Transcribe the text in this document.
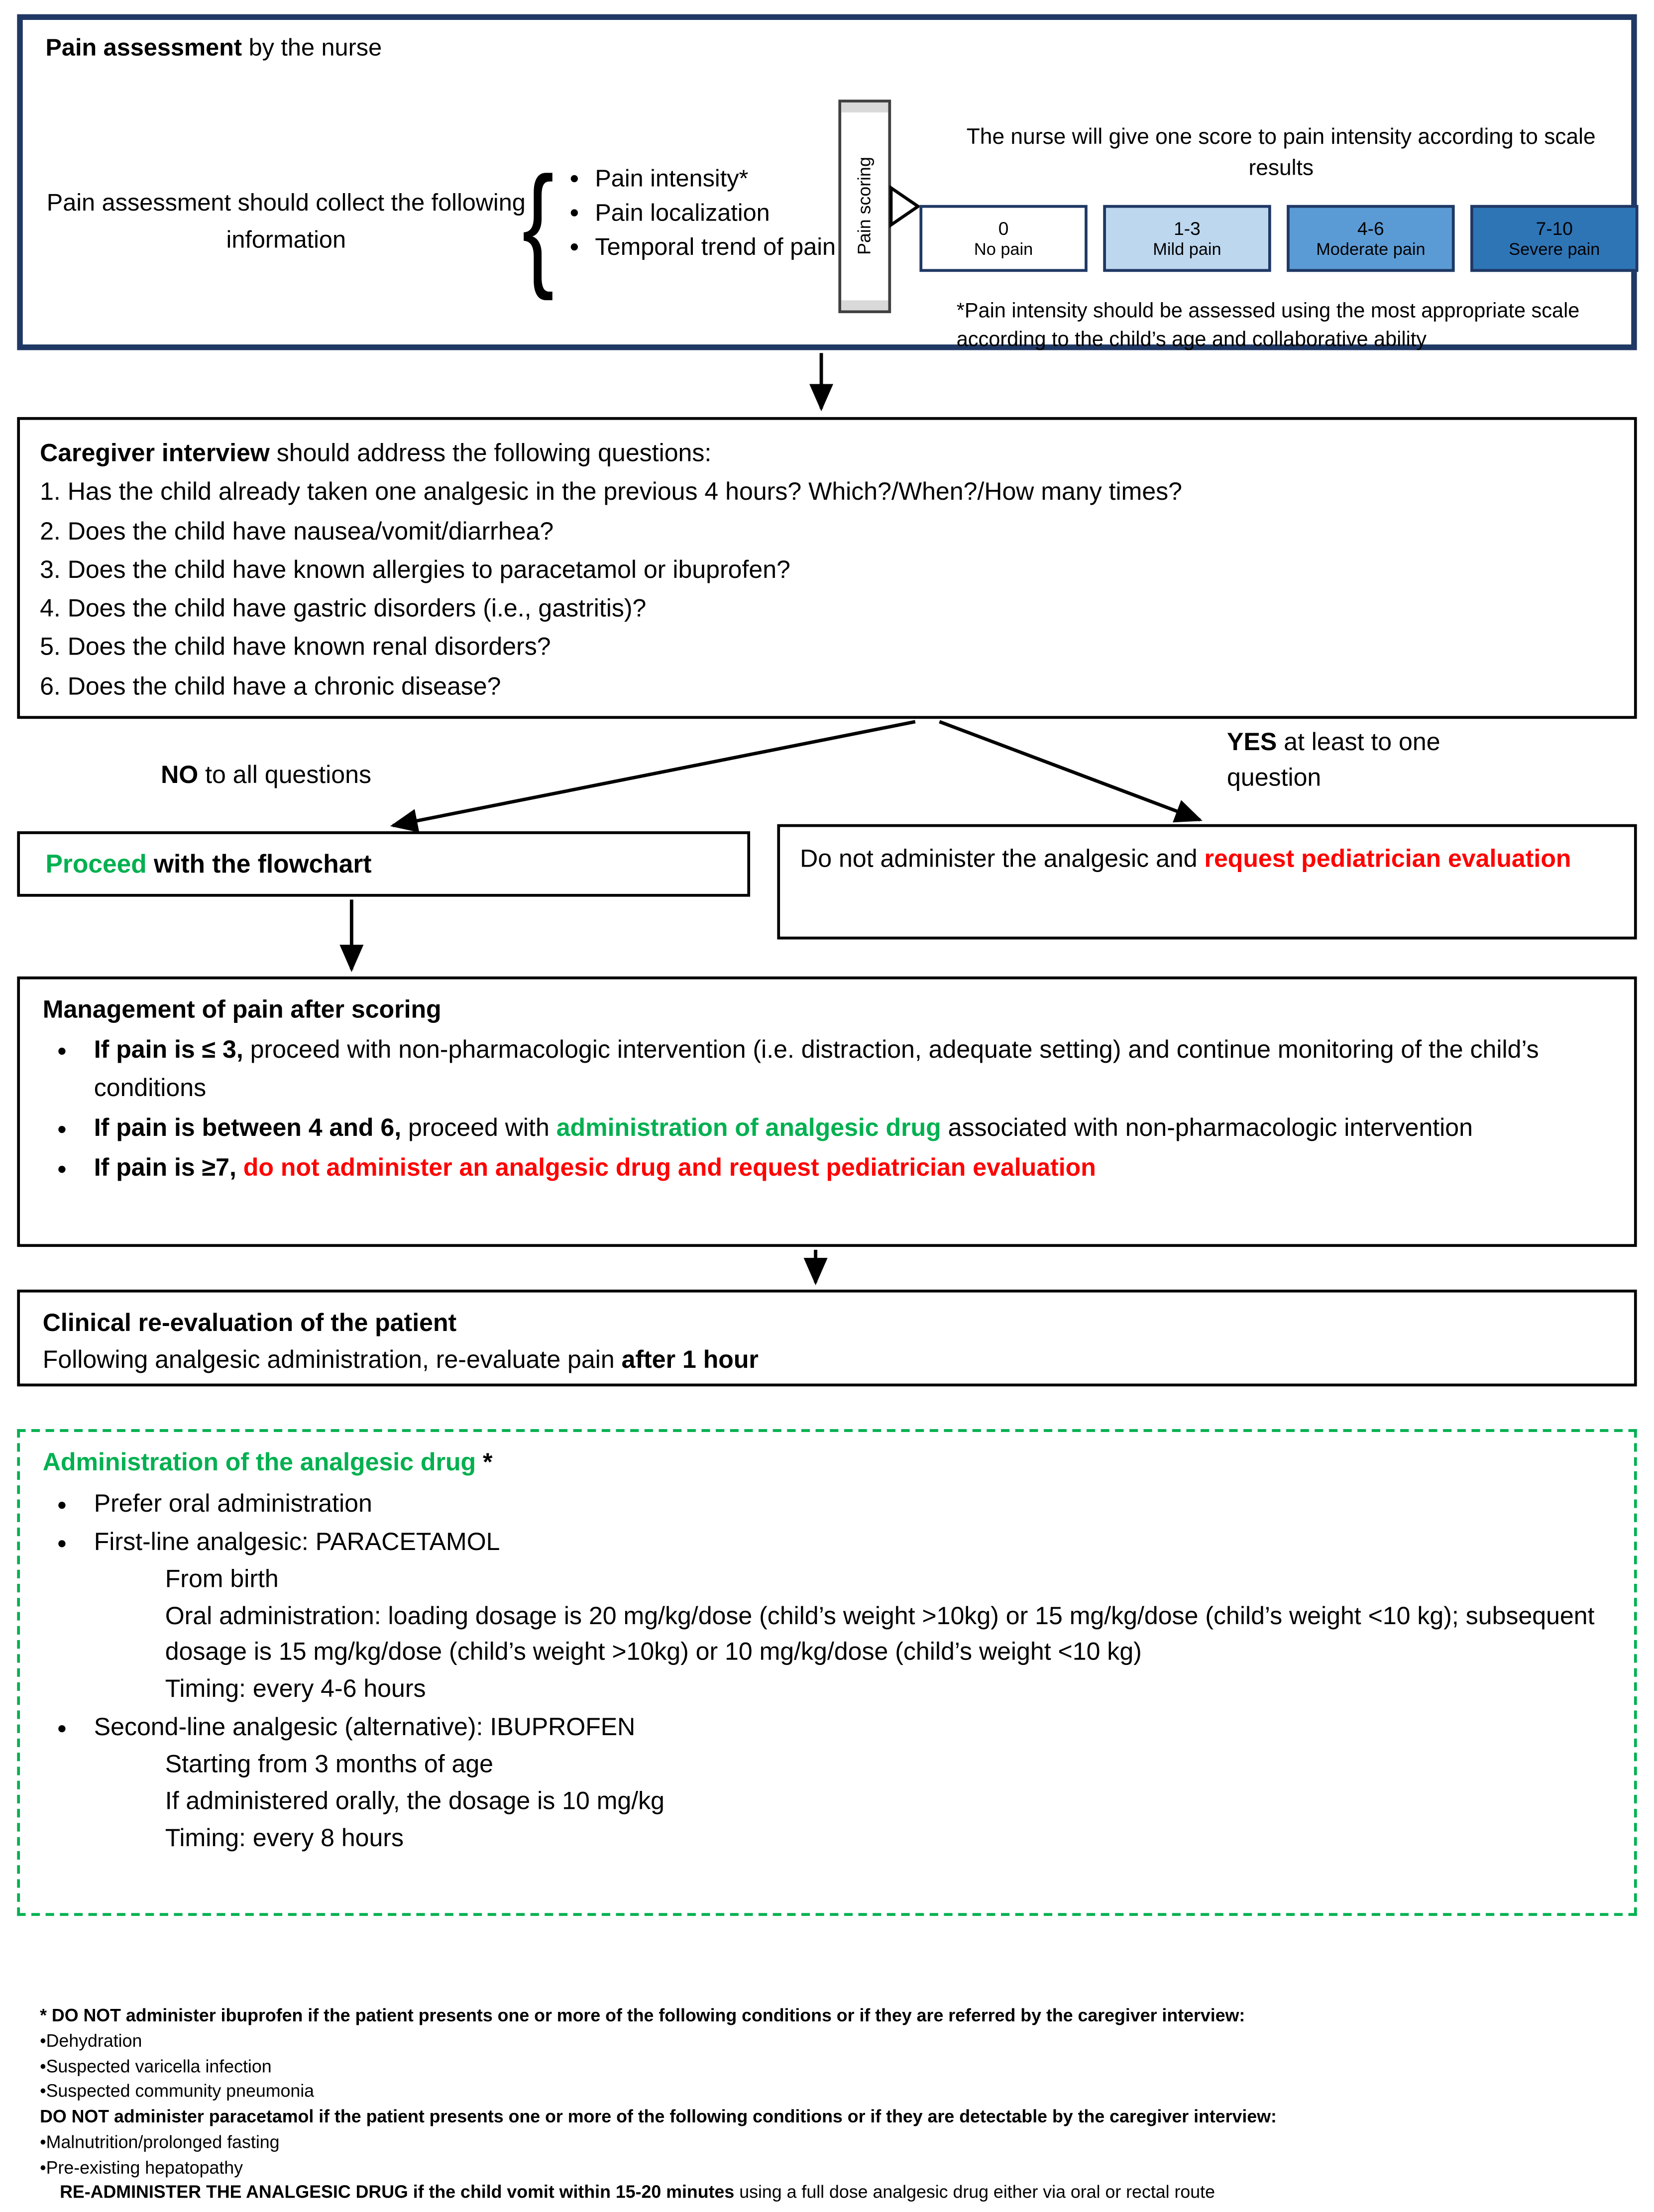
Pain assessment by the nurse
Pain assessment should collect the following information	{	• Pain intensity*
• Pain localization
• Temporal trend of pain	Pain scoring
The nurse will give one score to pain intensity according to scale results
0
No pain
1-3
Mild pain
4-6
Moderate pain
7-10
Severe pain
*Pain intensity should be assessed using the most appropriate scale according to the child’s age and collaborative ability
Caregiver interview should address the following questions:
1. Has the child already taken one analgesic in the previous 4 hours? Which?/When?/How many times?
2. Does the child have nausea/vomit/diarrhea?
3. Does the child have known allergies to paracetamol or ibuprofen?
4. Does the child have gastric disorders (i.e., gastritis)?
5. Does the child have known renal disorders?
6. Does the child have a chronic disease?
NO to all questions
YES at least to one question
Proceed with the flowchart	Do not administer the analgesic and request pediatrician evaluation
Management of pain after scoring
• If pain is ≤ 3, proceed with non-pharmacologic intervention (i.e. distraction, adequate setting) and continue monitoring of the child’s conditions
• If pain is between 4 and 6, proceed with administration of analgesic drug associated with non-pharmacologic intervention
• If pain is ≥7, do not administer an analgesic drug and request pediatrician evaluation
Clinical re-evaluation of the patient
Following analgesic administration, re-evaluate pain after 1 hour
Administration of the analgesic drug *
• Prefer oral administration
• First-line analgesic: PARACETAMOL
From birth
Oral administration: loading dosage is 20 mg/kg/dose (child’s weight >10kg) or 15 mg/kg/dose (child’s weight <10 kg); subsequent dosage is 15 mg/kg/dose (child’s weight >10kg) or 10 mg/kg/dose (child’s weight <10 kg)
Timing: every 4-6 hours
• Second-line analgesic (alternative): IBUPROFEN
Starting from 3 months of age
If administered orally, the dosage is 10 mg/kg
Timing: every 8 hours
* DO NOT administer ibuprofen if the patient presents one or more of the following conditions or if they are referred by the caregiver interview:
•Dehydration
•Suspected varicella infection
•Suspected community pneumonia
DO NOT administer paracetamol if the patient presents one or more of the following conditions or if they are detectable by the caregiver interview:
•Malnutrition/prolonged fasting
•Pre-existing hepatopathy
RE-ADMINISTER THE ANALGESIC DRUG if the child vomit within 15-20 minutes using a full dose analgesic drug either via oral or rectal route
